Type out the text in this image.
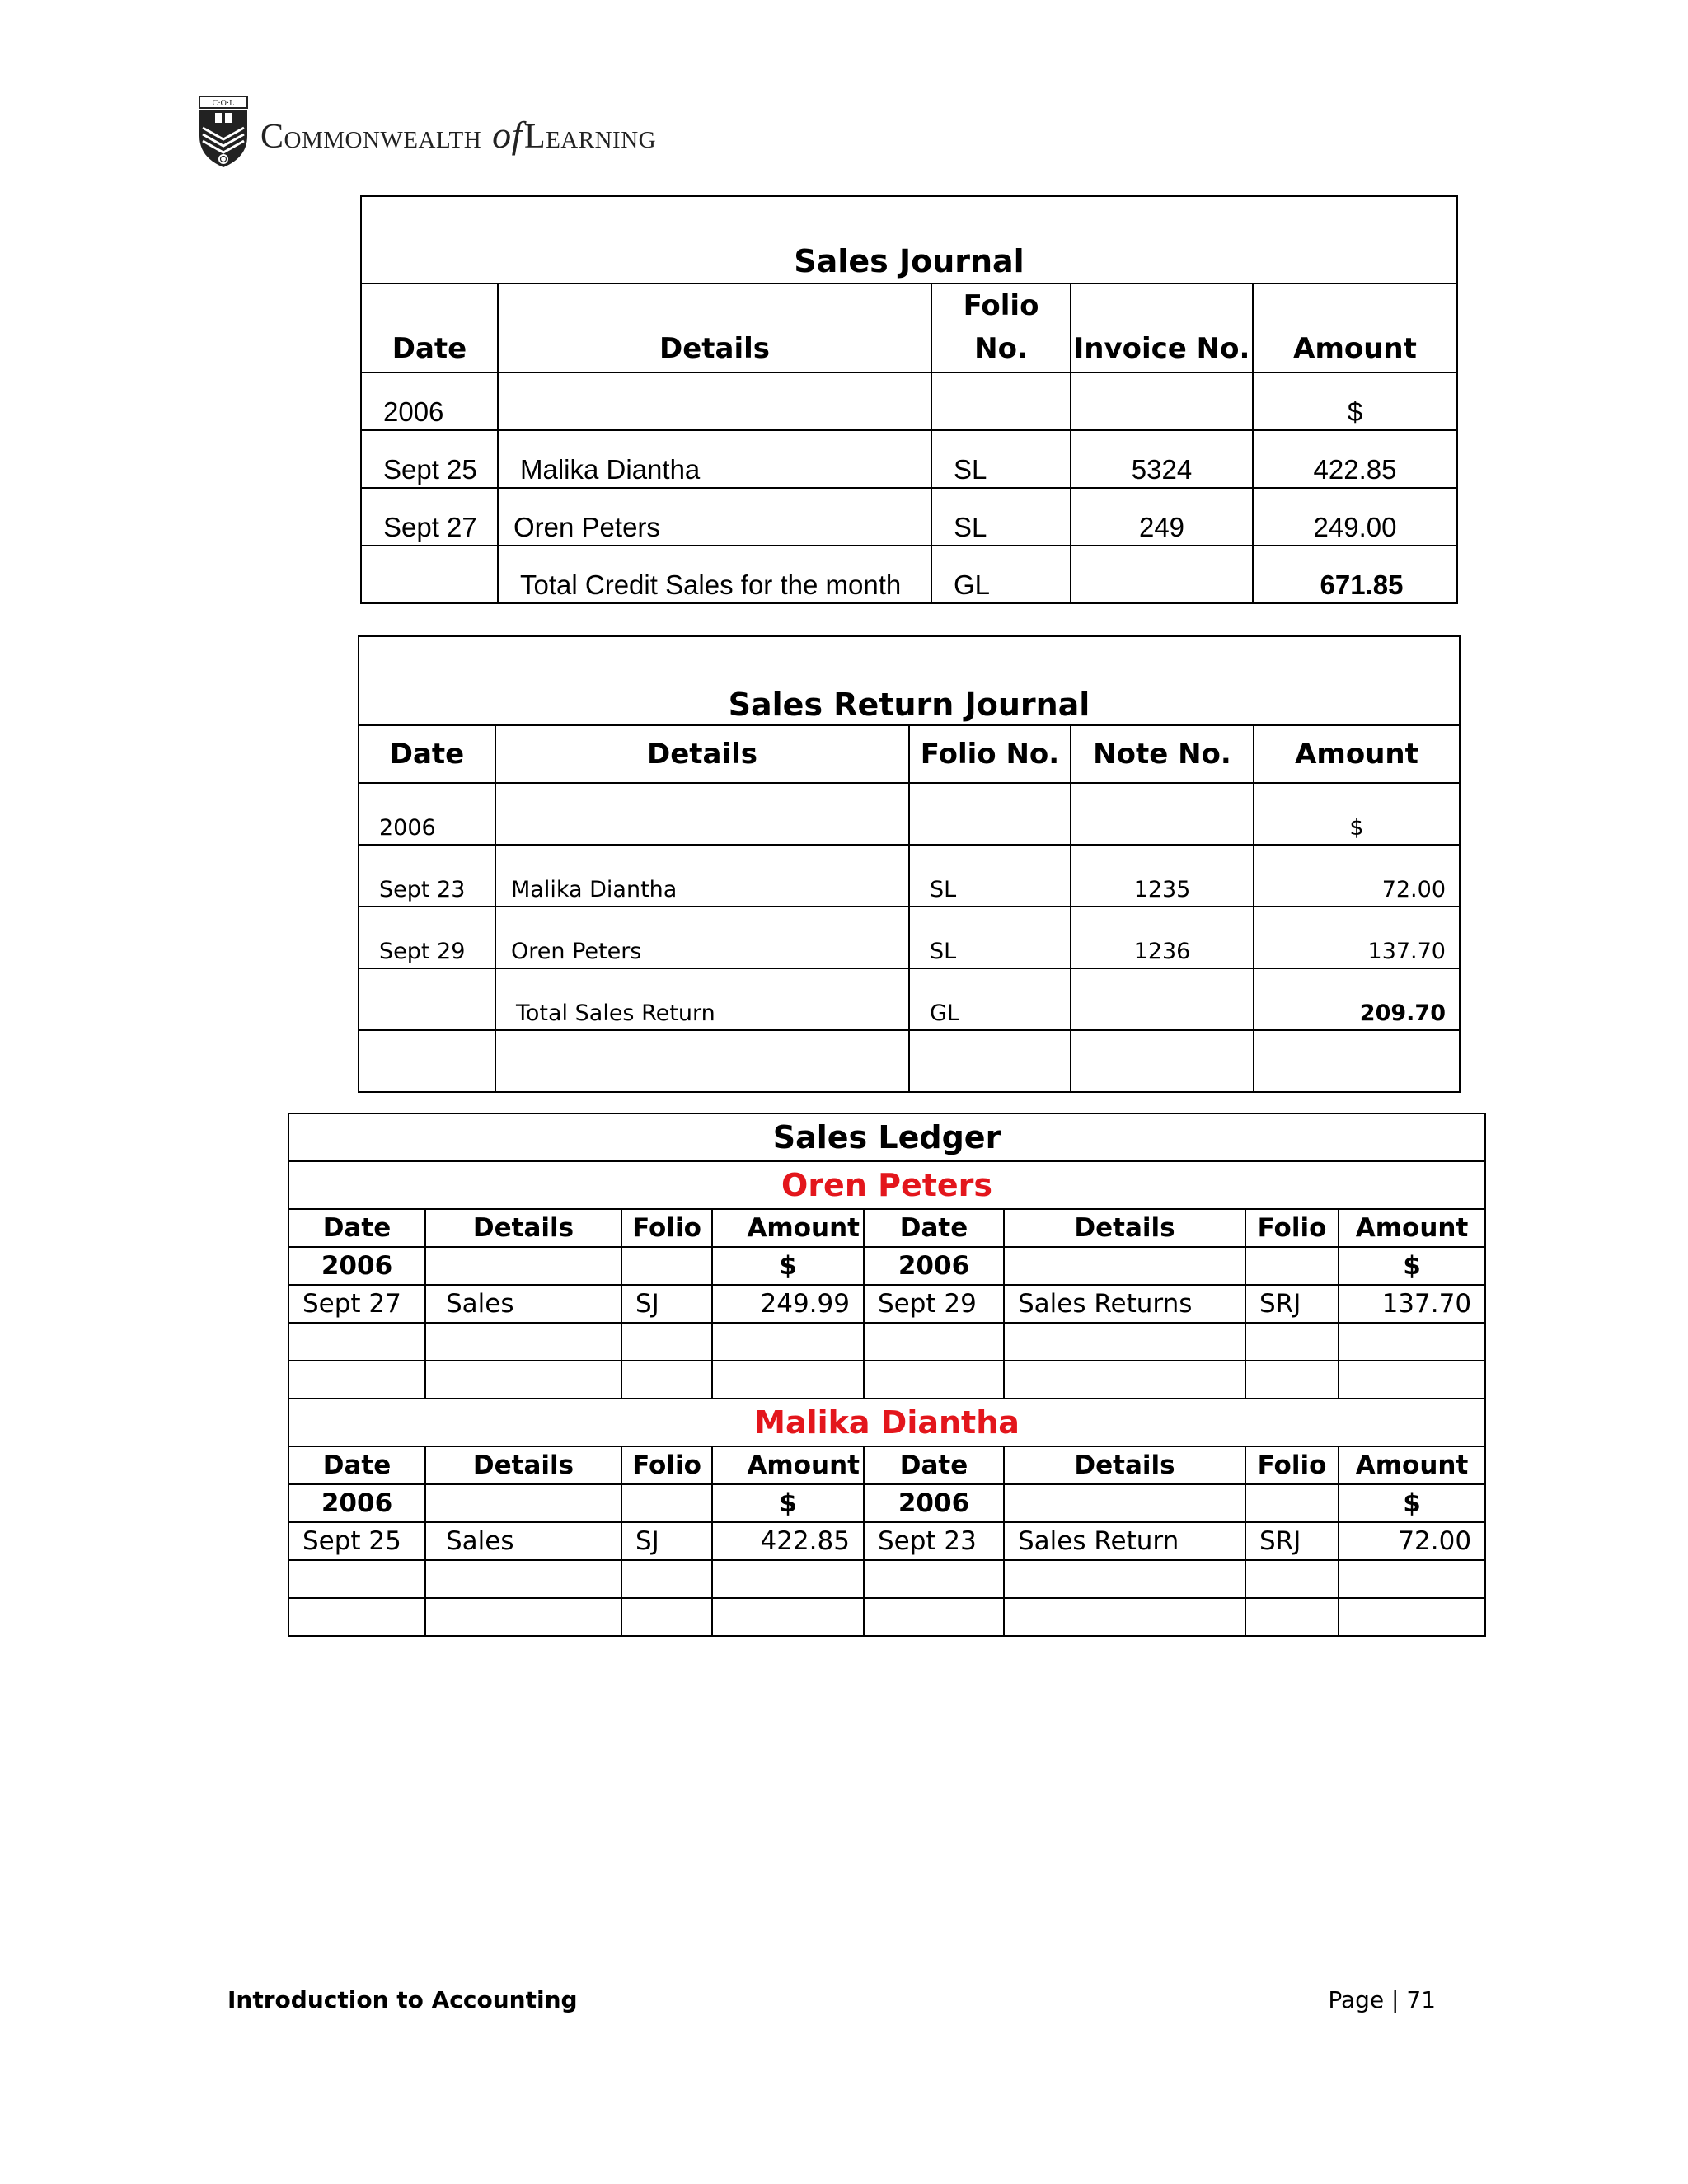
C·O·L
Commonwealth ofLearning
Sales Journal				
Date	Details	Folio No.	Invoice No.	Amount
2006				$
Sept 25	Malika Diantha	SL	5324	422.85
Sept 27	Oren Peters	SL	249	249.00
	Total Credit Sales for the month	GL		671.85
Sales Return Journal				
Date	Details	Folio No.	Note No.	Amount
2006				$
Sept 23	Malika Diantha	SL	1235	72.00
Sept 29	Oren Peters	SL	1236	137.70
	Total Sales Return	GL		209.70

Sales Ledger							
Oren Peters							
Date	Details	Folio	Amount	Date	Details	Folio	Amount
2006			$	2006			$
Sept 27	Sales	SJ	249.99	Sept 29	Sales Returns	SRJ	137.70

Malika Diantha							
Date	Details	Folio	Amount	Date	Details	Folio	Amount
2006			$	2006			$
Sept 25	Sales	SJ	422.85	Sept 23	Sales Return	SRJ	72.00

Introduction to Accounting	Page | 71
